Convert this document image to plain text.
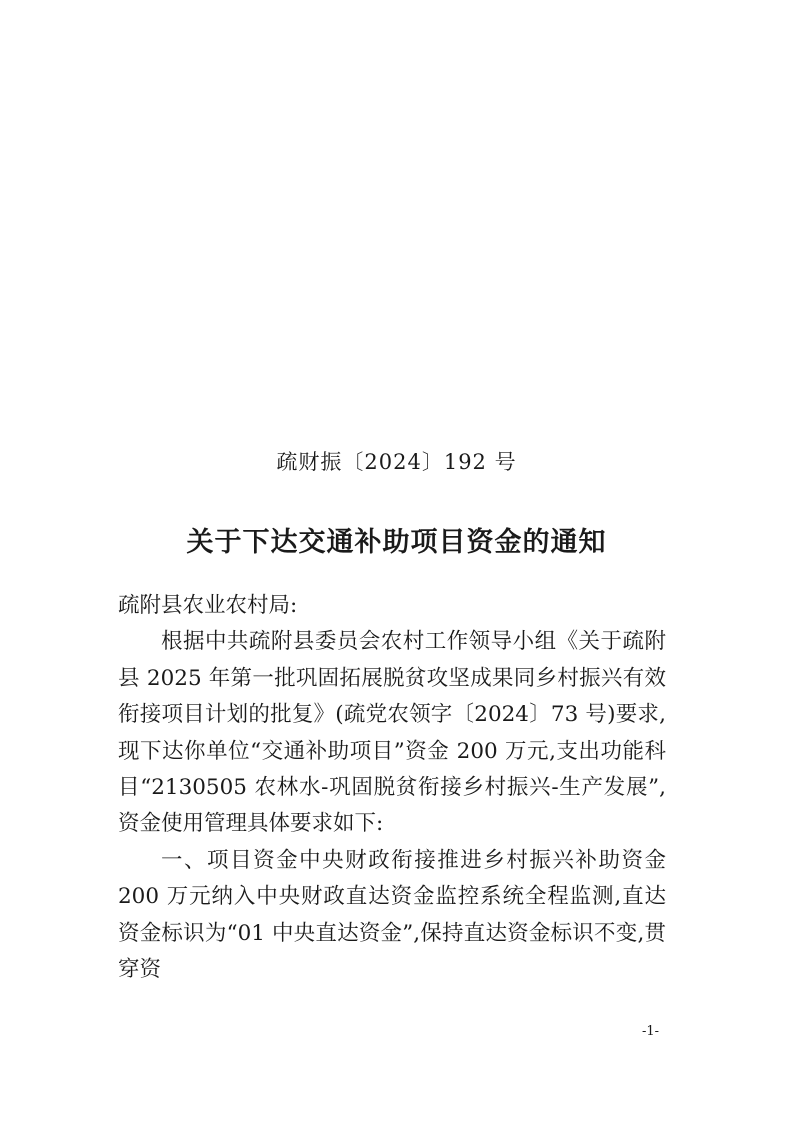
疏财振〔2024〕192 号
关于下达交通补助项目资金的通知

疏附县农业农村局:

根据中共疏附县委员会农村工作领导小组《关于疏附县 2025 年第一批巩固拓展脱贫攻坚成果同乡村振兴有效衔接项目计划的批复》(疏党农领字〔2024〕73 号)要求,现下达你单位“交通补助项目”资金 200 万元,支出功能科目“2130505 农林水-巩固脱贫衔接乡村振兴-生产发展”,资金使用管理具体要求如下:

一、项目资金中央财政衔接推进乡村振兴补助资金 200 万元纳入中央财政直达资金监控系统全程监测,直达资金标识为“01 中央直达资金”,保持直达资金标识不变,贯穿资

-1-
